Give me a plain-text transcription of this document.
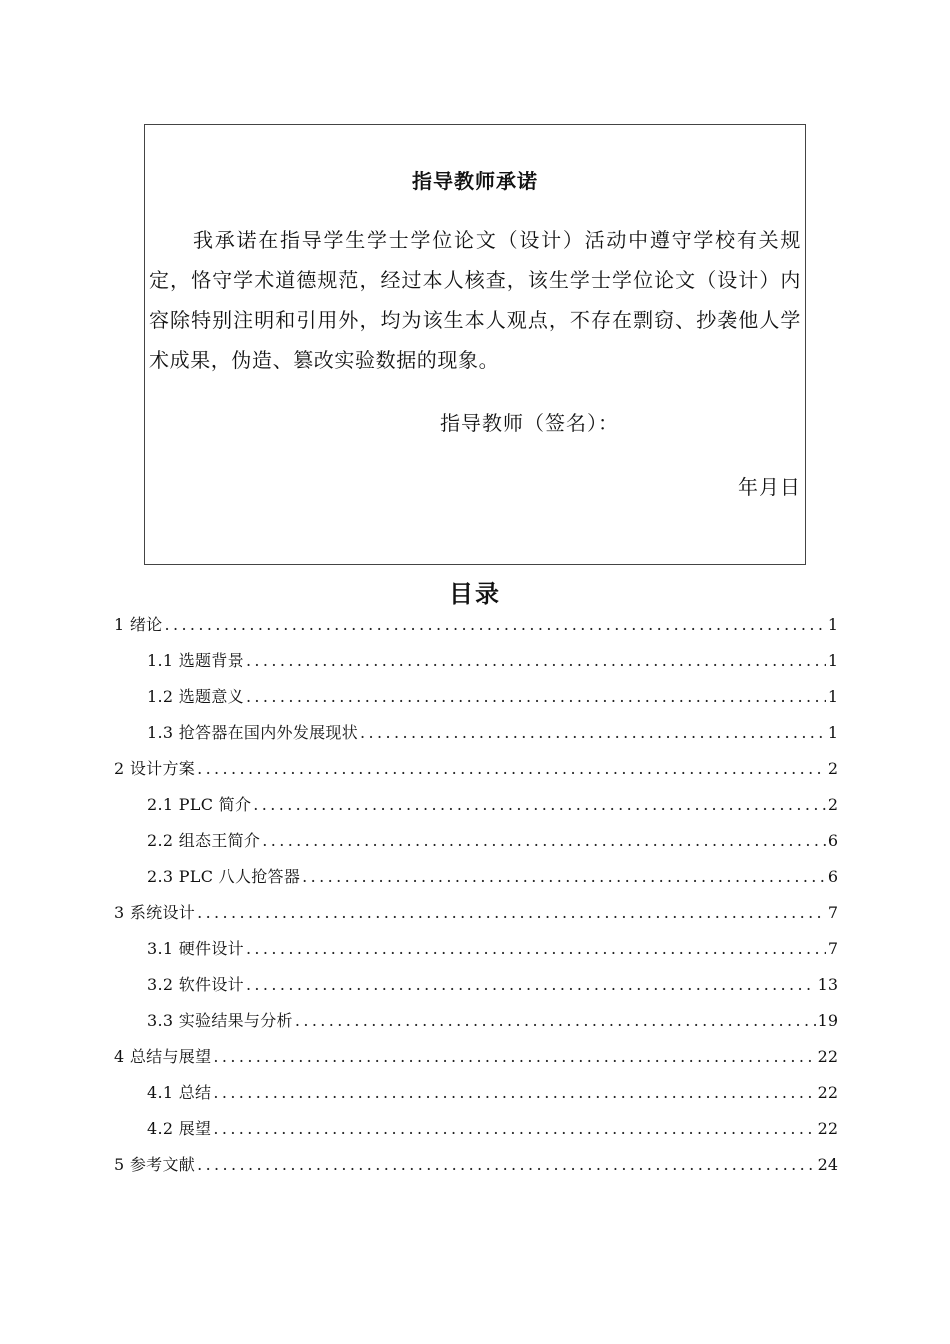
指导教师承诺
我承诺在指导学生学士学位论文（设计）活动中遵守学校有关规定，恪守学术道德规范，经过本人核查，该生学士学位论文（设计）内容除特别注明和引用外，均为该生本人观点，不存在剽窃、抄袭他人学术成果，伪造、篡改实验数据的现象。
指导教师（签名）：
年月日
目录
1 绪论 .....	1
1.1 选题背景 .....	1
1.2 选题意义 .....	1
1.3 抢答器在国内外发展现状 .....	1
2 设计方案 .....	2
2.1 PLC 简介 .....	2
2.2 组态王简介 .....	6
2.3 PLC 八人抢答器 .....	6
3 系统设计 .....	7
3.1 硬件设计 .....	7
3.2 软件设计 .....	13
3.3 实验结果与分析 .....	19
4 总结与展望 .....	22
4.1 总结 .....	22
4.2 展望 .....	22
5 参考文献 .....	24
